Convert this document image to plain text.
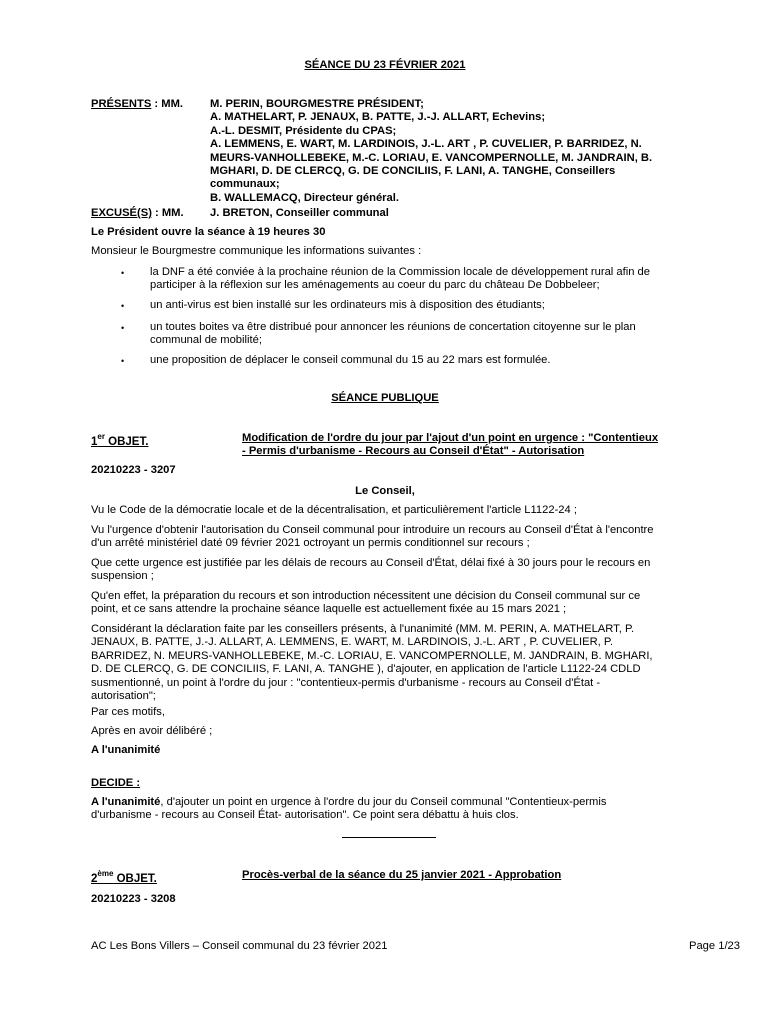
SÉANCE DU 23 FÉVRIER 2021
PRÉSENTS : MM. M. PERIN, BOURGMESTRE PRÉSIDENT;
A. MATHELART, P. JENAUX, B. PATTE, J.-J. ALLART, Echevins;
A.-L. DESMIT, Présidente du CPAS;
A. LEMMENS, E. WART, M. LARDINOIS, J.-L. ART , P. CUVELIER, P. BARRIDEZ, N.
MEURS-VANHOLLEBEKE, M.-C. LORIAU, E. VANCOMPERNOLLE, M. JANDRAIN, B.
MGHARI, D. DE CLERCQ, G. DE CONCILIIS, F. LANI, A. TANGHE, Conseillers
communaux;
B. WALLEMACQ, Directeur général.
EXCUSÉ(S) : MM. J. BRETON, Conseiller communal
Le Président ouvre la séance à 19 heures 30
Monsieur le Bourgmestre communique les informations suivantes :
• la DNF a été conviée à la prochaine réunion de la Commission locale de développement rural afin de
participer à la réflexion sur les aménagements au coeur du parc du château De Dobbeleer;
• un anti-virus est bien installé sur les ordinateurs mis à disposition des étudiants;
• un toutes boites va être distribué pour annoncer les réunions de concertation citoyenne sur le plan
communal de mobilité;
• une proposition de déplacer le conseil communal du 15 au 22 mars est formulée.
SÉANCE PUBLIQUE
1er OBJET.	Modification de l'ordre du jour par l'ajout d'un point en urgence : "Contentieux
- Permis d'urbanisme - Recours au Conseil d'État" - Autorisation
20210223 - 3207
Le Conseil,
Vu le Code de la démocratie locale et de la décentralisation, et particulièrement l'article L1122-24 ;
Vu l'urgence d'obtenir l'autorisation du Conseil communal pour introduire un recours au Conseil d'État à l'encontre
d'un arrêté ministériel daté 09 février 2021 octroyant un permis conditionnel sur recours ;
Que cette urgence est justifiée par les délais de recours au Conseil d'État, délai fixé à 30 jours pour le recours en
suspension ;
Qu'en effet, la préparation du recours et son introduction nécessitent une décision du Conseil communal sur ce
point, et ce sans attendre la prochaine séance laquelle est actuellement fixée au 15 mars 2021 ;
Considérant la déclaration faite par les conseillers présents, à l'unanimité (MM. M. PERIN, A. MATHELART, P.
JENAUX, B. PATTE, J.-J. ALLART, A. LEMMENS, E. WART, M. LARDINOIS, J.-L. ART , P. CUVELIER, P.
BARRIDEZ, N. MEURS-VANHOLLEBEKE, M.-C. LORIAU, E. VANCOMPERNOLLE, M. JANDRAIN, B. MGHARI,
D. DE CLERCQ, G. DE CONCILIIS, F. LANI, A. TANGHE ), d'ajouter, en application de l'article L1122-24 CDLD
susmentionné, un point à l'ordre du jour : "contentieux-permis d'urbanisme - recours au Conseil d'État -
autorisation";
Par ces motifs,
Après en avoir délibéré ;
A l'unanimité
DECIDE :
A l'unanimité, d'ajouter un point en urgence à l'ordre du jour du Conseil communal "Contentieux-permis
d'urbanisme - recours au Conseil État- autorisation". Ce point sera débattu à huis clos.
2ème OBJET.	Procès-verbal de la séance du 25 janvier 2021 - Approbation
20210223 - 3208
AC Les Bons Villers – Conseil communal du 23 février 2021	Page 1/23
